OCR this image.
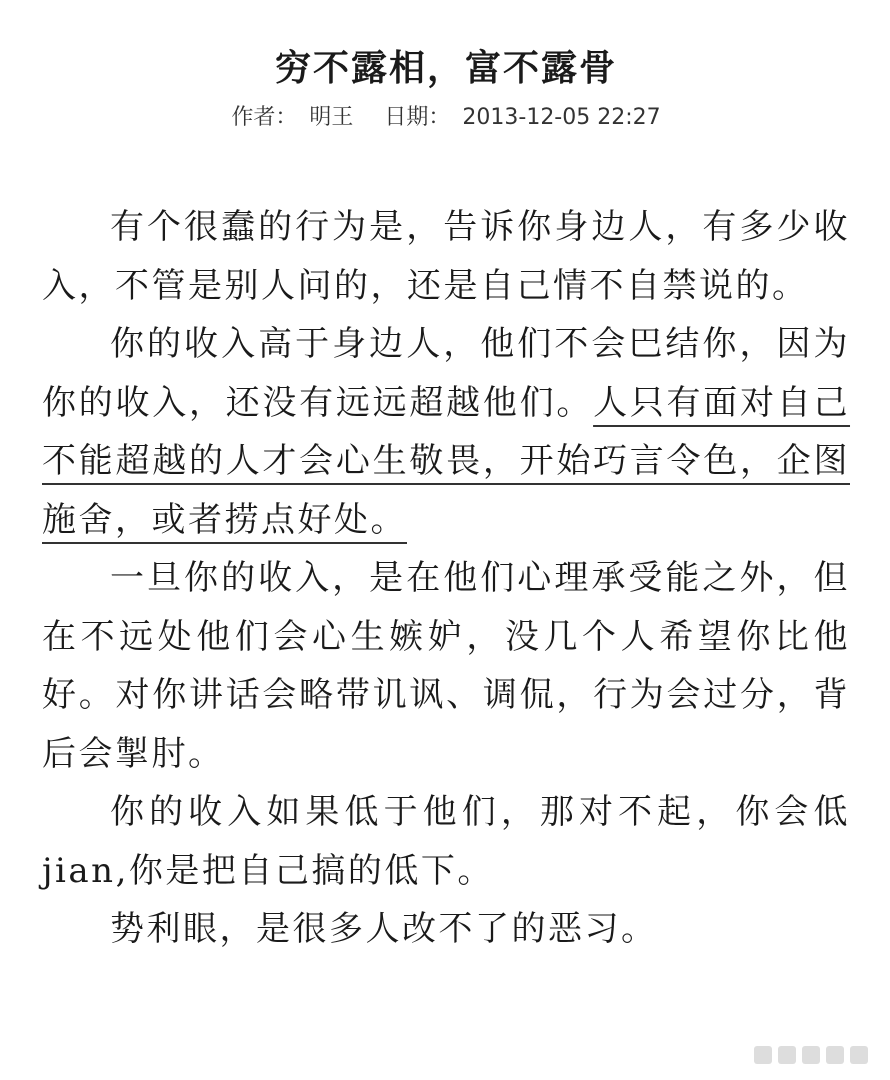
穷不露相，富不露骨
作者： 明王 日期： 2013-12-05 22:27

有个很蠢的行为是，告诉你身边人，有多少收入，不管是别人问的，还是自己情不自禁说的。

你的收入高于身边人，他们不会巴结你，因为你的收入，还没有远远超越他们。人只有面对自己不能超越的人才会心生敬畏，开始巧言令色，企图施舍，或者捞点好处。

一旦你的收入，是在他们心理承受能之外，但在不远处他们会心生嫉妒，没几个人希望你比他好。对你讲话会略带讥讽、调侃，行为会过分，背后会掣肘。

你的收入如果低于他们，那对不起，你会低 jian,你是把自己搞的低下。

势利眼，是很多人改不了的恶习。
